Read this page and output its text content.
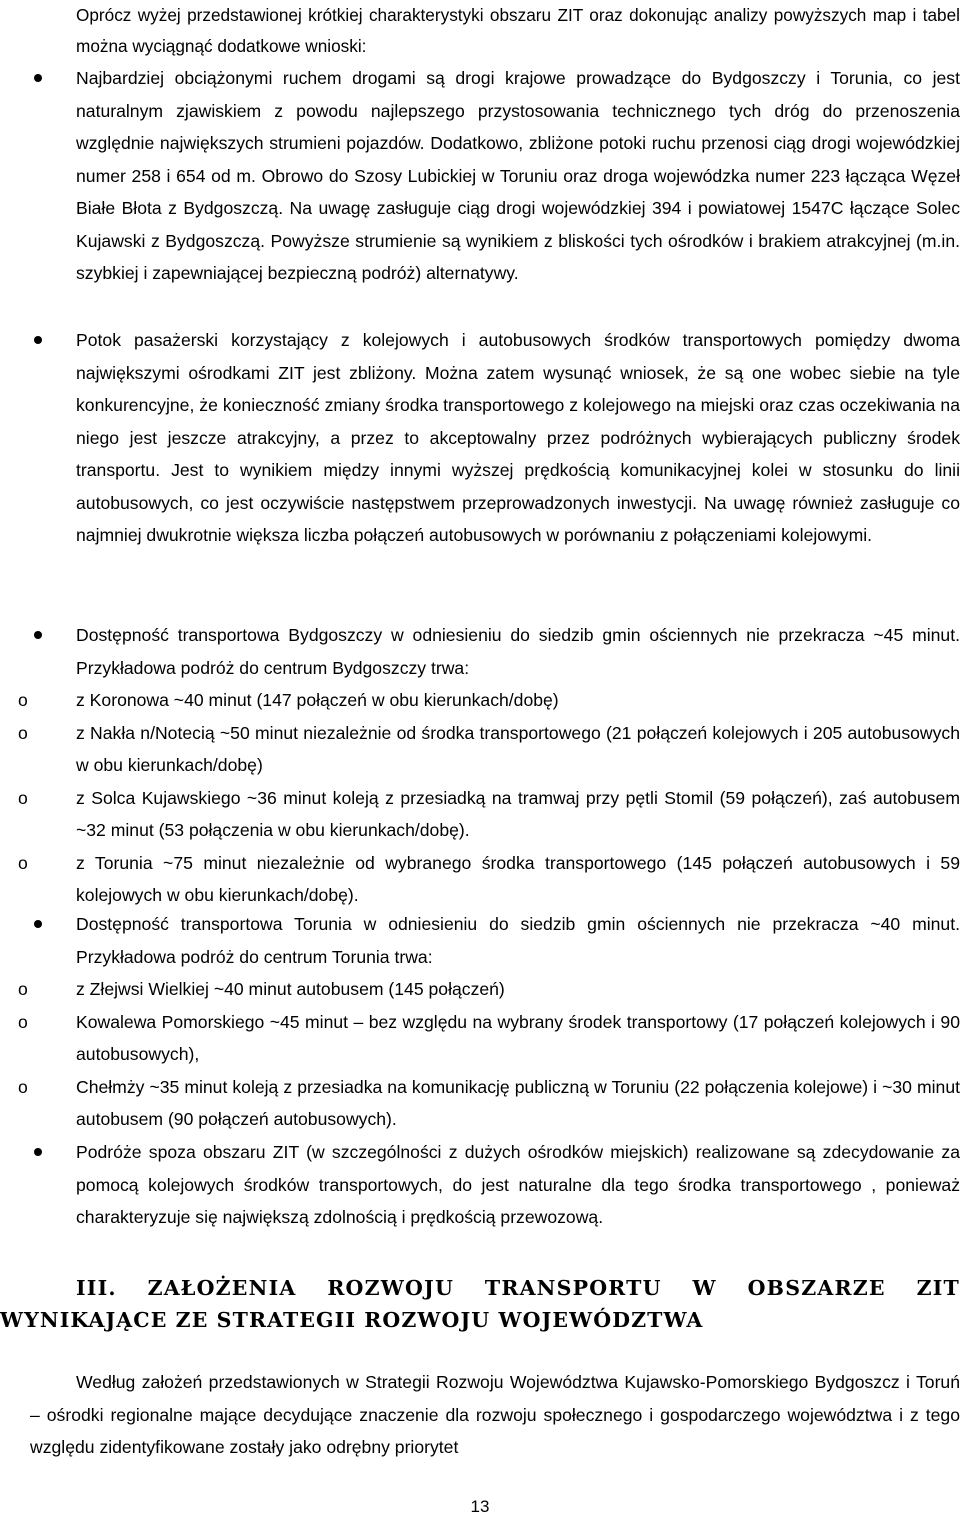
Oprócz wyżej przedstawionej krótkiej charakterystyki obszaru ZIT oraz dokonując analizy powyższych map i tabel można wyciągnąć dodatkowe wnioski:

Najbardziej obciążonymi ruchem drogami są drogi krajowe prowadzące do Bydgoszczy i Torunia, co jest naturalnym zjawiskiem z powodu najlepszego przystosowania technicznego tych dróg do przenoszenia względnie największych strumieni pojazdów. Dodatkowo, zbliżone potoki ruchu przenosi ciąg drogi wojewódzkiej numer 258 i 654 od m. Obrowo do Szosy Lubickiej w Toruniu oraz droga wojewódzka numer 223 łącząca Węzeł Białe Błota z Bydgoszczą. Na uwagę zasługuje ciąg drogi wojewódzkiej 394 i powiatowej 1547C łączące Solec Kujawski z Bydgoszczą. Powyższe strumienie są wynikiem z bliskości tych ośrodków i brakiem atrakcyjnej (m.in. szybkiej i zapewniającej bezpieczną podróż) alternatywy.
Potok pasażerski korzystający z kolejowych i autobusowych środków transportowych pomiędzy dwoma największymi ośrodkami ZIT jest zbliżony. Można zatem wysunąć wniosek, że są one wobec siebie na tyle konkurencyjne, że konieczność zmiany środka transportowego z kolejowego na miejski oraz czas oczekiwania na niego jest jeszcze atrakcyjny, a przez to akceptowalny przez podróżnych wybierających publiczny środek transportu. Jest to wynikiem między innymi wyższej prędkością komunikacyjnej kolei w stosunku do linii autobusowych, co jest oczywiście następstwem przeprowadzonych inwestycji. Na uwagę również zasługuje co najmniej dwukrotnie większa liczba połączeń autobusowych w porównaniu z połączeniami kolejowymi.
Dostępność transportowa Bydgoszczy w odniesieniu do siedzib gmin ościennych nie przekracza ~45 minut. Przykładowa podróż do centrum Bydgoszczy trwa:
o	z Koronowa ~40 minut (147 połączeń w obu kierunkach/dobę)
o	z Nakła n/Notecią ~50 minut niezależnie od środka transportowego (21 połączeń kolejowych i 205 autobusowych w obu kierunkach/dobę)
o	z Solca Kujawskiego ~36 minut koleją z przesiadką na tramwaj przy pętli Stomil (59 połączeń), zaś autobusem ~32 minut (53 połączenia w obu kierunkach/dobę).
o	z Torunia ~75 minut niezależnie od wybranego środka transportowego (145 połączeń autobusowych i 59 kolejowych w obu kierunkach/dobę).
Dostępność transportowa Torunia w odniesieniu do siedzib gmin ościennych nie przekracza ~40 minut. Przykładowa podróż do centrum Torunia trwa:
o	z Złejwsi Wielkiej ~40 minut autobusem (145 połączeń)
o	Kowalewa Pomorskiego ~45 minut – bez względu na wybrany środek transportowy (17 połączeń kolejowych i 90 autobusowych),
o	Chełmży ~35 minut koleją z przesiadka na komunikację publiczną w Toruniu (22 połączenia kolejowe) i ~30 minut autobusem (90 połączeń autobusowych).
Podróże spoza obszaru ZIT (w szczególności z dużych ośrodków miejskich) realizowane są zdecydowanie za pomocą kolejowych środków transportowych, do jest naturalne dla tego środka transportowego , ponieważ charakteryzuje się największą zdolnością i prędkością przewozową.
III. ZAŁOŻENIA ROZWOJU TRANSPORTU W OBSZARZE ZIT
WYNIKAJĄCE ZE STRATEGII ROZWOJU WOJEWÓDZTWA

Według założeń przedstawionych w Strategii Rozwoju Województwa Kujawsko-Pomorskiego Bydgoszcz i Toruń – ośrodki regionalne mające decydujące znaczenie dla rozwoju społecznego i gospodarczego województwa i z tego względu zidentyfikowane zostały jako odrębny priorytet

13
